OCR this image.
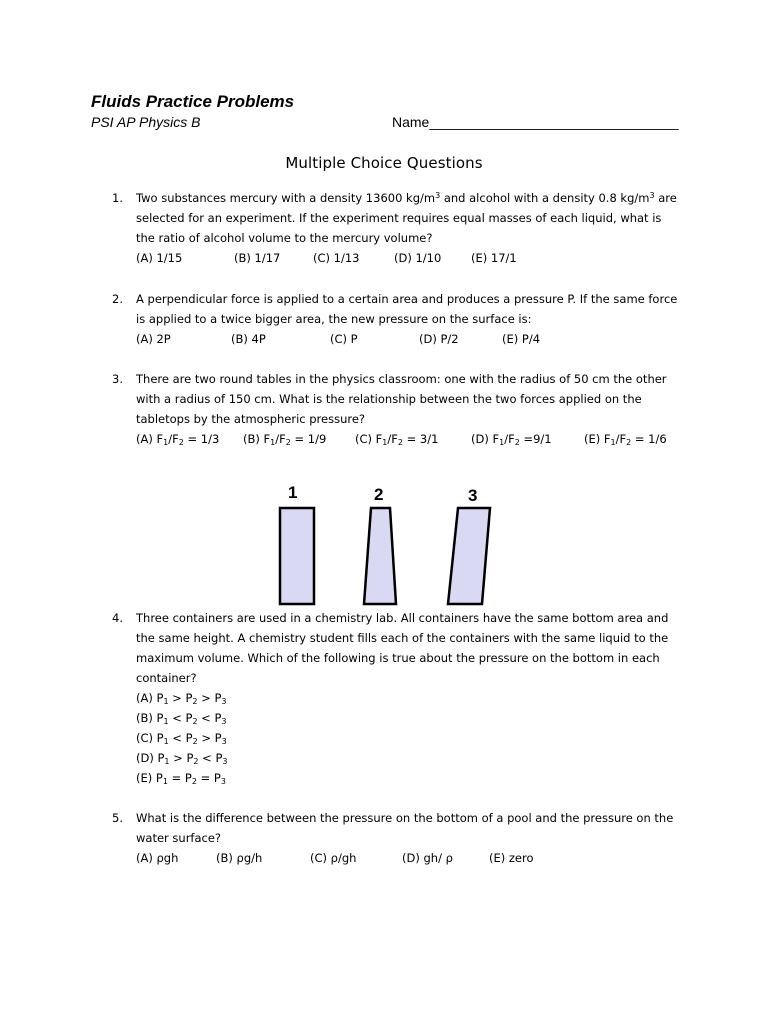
Fluids Practice Problems
PSI AP Physics B	Name________________________________
Multiple Choice Questions
1. Two substances mercury with a density 13600 $kg/m^3$ and alcohol with a density 0.8 $kg/m^3$ are selected for an experiment. If the experiment requires equal masses of each liquid, what is the ratio of alcohol volume to the mercury volume?
(A) 1/15	(B) 1/17	(C) 1/13	(D) 1/10	(E) 17/1
2. A perpendicular force is applied to a certain area and produces a pressure P. If the same force is applied to a twice bigger area, the new pressure on the surface is:
(A) 2P	(B) 4P	(C) P	(D) P/2	(E) P/4
3. There are two round tables in the physics classroom: one with the radius of 50 cm the other with a radius of 150 cm. What is the relationship between the two forces applied on the tabletops by the atmospheric pressure?
(A) $F_1/F_2 = 1/3$ (B) $F_1/F_2 = 1/9$ (C) $F_1/F_2 = 3/1$	(D) $F_1/F_2 =9/1$	(E) $F_1/F_2 = 1/6$
1	2	3
4. Three containers are used in a chemistry lab. All containers have the same bottom area and the same height. A chemistry student fills each of the containers with the same liquid to the maximum volume. Which of the following is true about the pressure on the bottom in each container?
(A) $P_1 > P_2 > P_3$
(B) $P_1 < P_2 < P_3$
(C) $P_1 < P_2 > P_3$
(D) $P_1 > P_2 < P_3$
(E) $P_1 = P_2 = P_3$
5. What is the difference between the pressure on the bottom of a pool and the pressure on the water surface?
(A) ρgh	(B) ρg/h	(C) ρ/gh	(D) gh/ ρ	(E) zero
